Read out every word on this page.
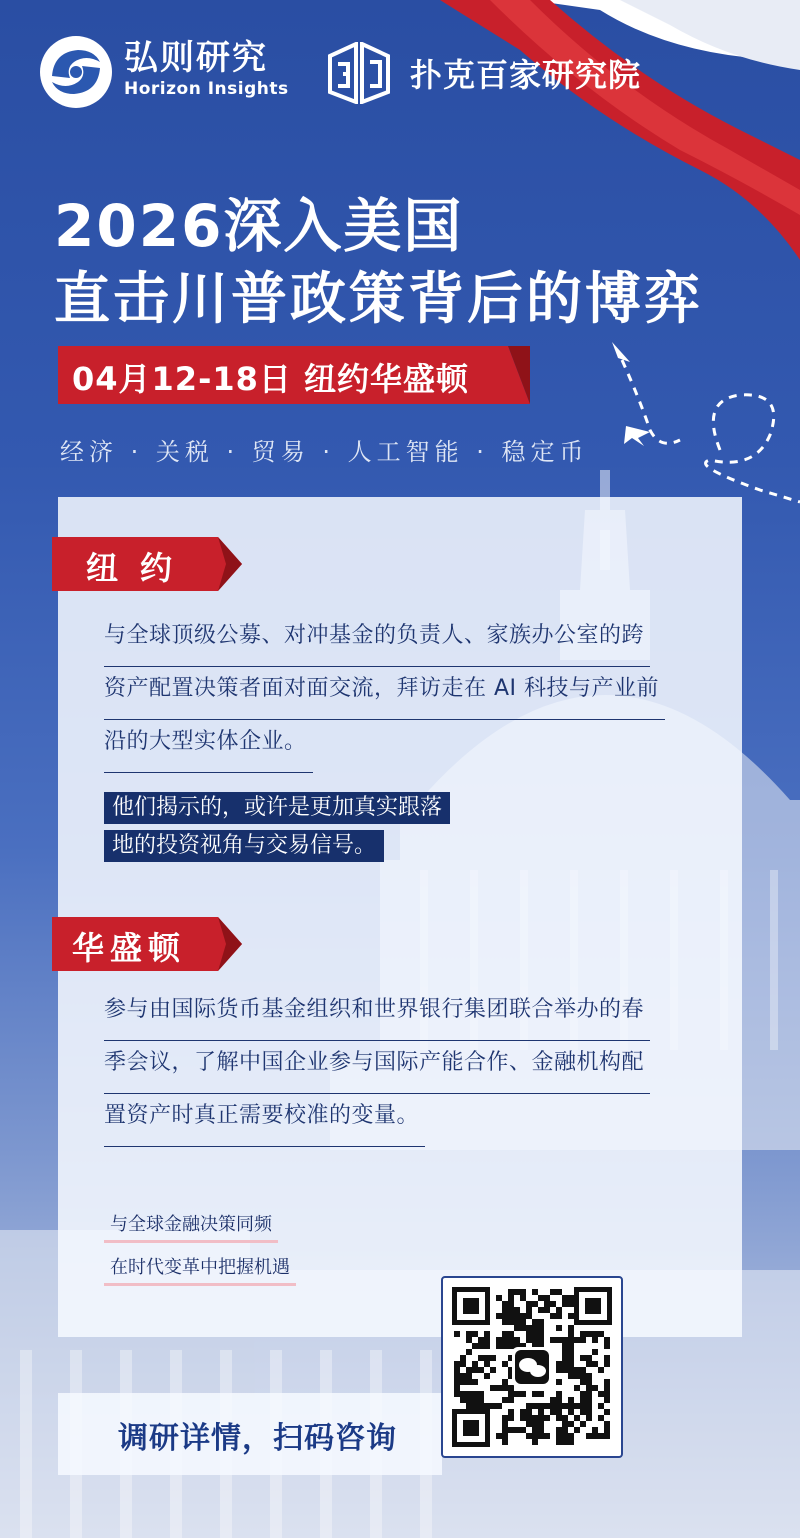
弘则研究
Horizon Insights	扑克百家研究院
2026深入美国
直击川普政策背后的博弈
04月12-18日 纽约华盛顿
经济 · 关税 · 贸易 · 人工智能 · 稳定币
纽约
与全球顶级公募、对冲基金的负责人、家族办公室的跨
资产配置决策者面对面交流，拜访走在 AI 科技与产业前
沿的大型实体企业。
他们揭示的，或许是更加真实跟落
地的投资视角与交易信号。
华盛顿
参与由国际货币基金组织和世界银行集团联合举办的春
季会议，了解中国企业参与国际产能合作、金融机构配
置资产时真正需要校准的变量。
与全球金融决策同频
在时代变革中把握机遇
调研详情，扫码咨询
